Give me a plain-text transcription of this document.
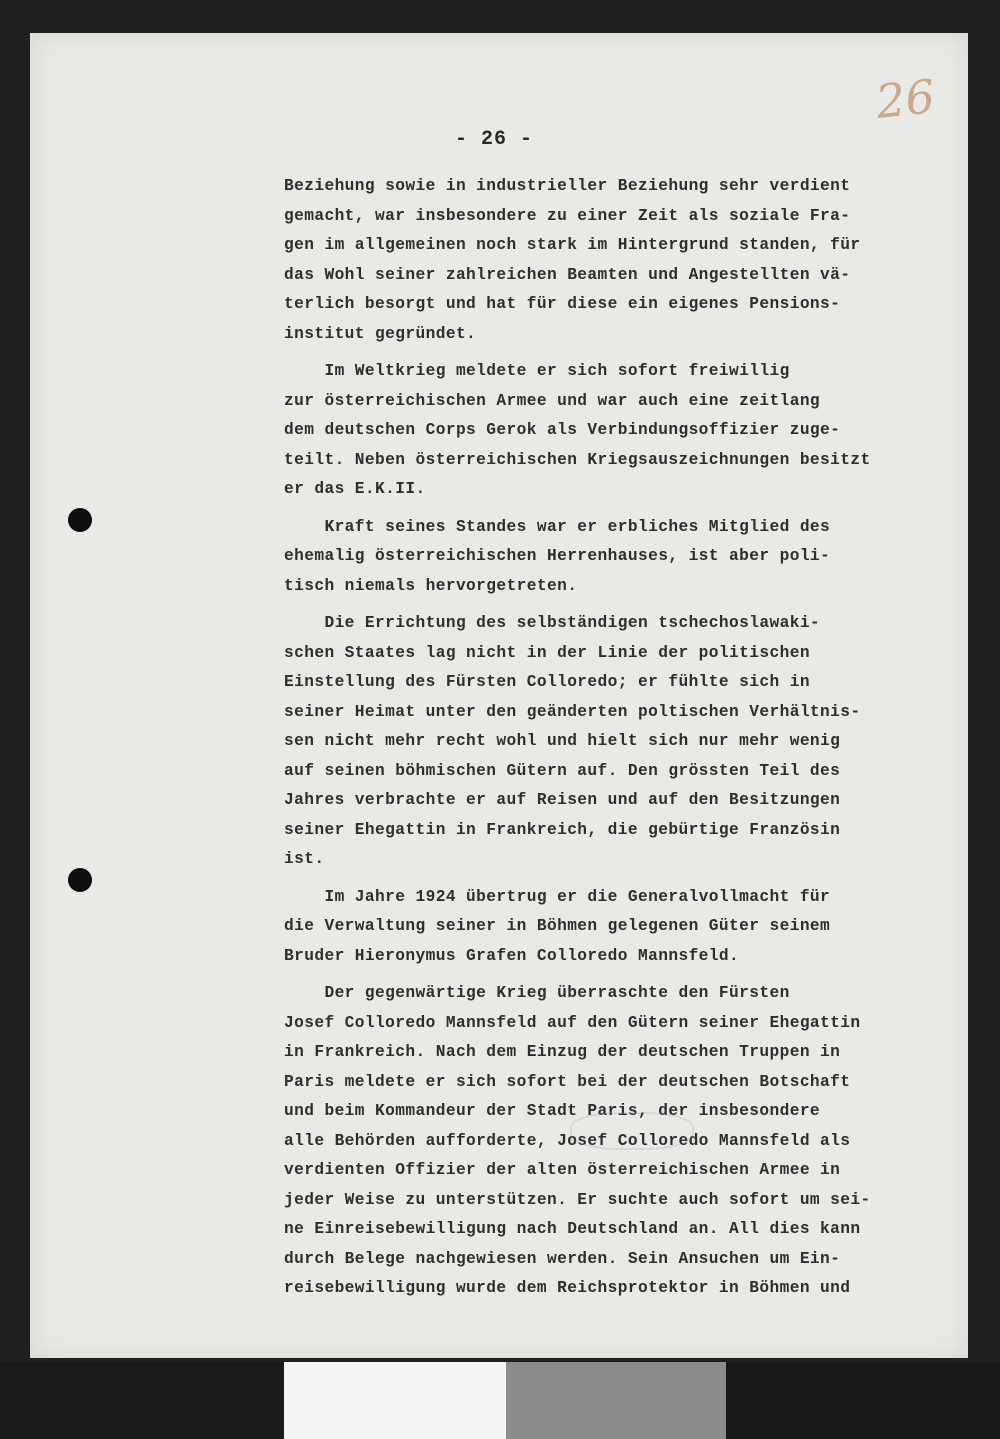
26
- 26 -
Beziehung sowie in industrieller Beziehung sehr verdient
gemacht, war insbesondere zu einer Zeit als soziale Fra-
gen im allgemeinen noch stark im Hintergrund standen, für
das Wohl seiner zahlreichen Beamten und Angestellten vä-
terlich besorgt und hat für diese ein eigenes Pensions-
institut gegründet.
Im Weltkrieg meldete er sich sofort freiwillig
zur österreichischen Armee und war auch eine zeitlang
dem deutschen Corps Gerok als Verbindungsoffizier zuge-
teilt. Neben österreichischen Kriegsauszeichnungen besitzt
er das E.K.II.
Kraft seines Standes war er erbliches Mitglied des
ehemalig österreichischen Herrenhauses, ist aber poli-
tisch niemals hervorgetreten.
Die Errichtung des selbständigen tschechoslawaki-
schen Staates lag nicht in der Linie der politischen
Einstellung des Fürsten Colloredo; er fühlte sich in
seiner Heimat unter den geänderten poltischen Verhältnis-
sen nicht mehr recht wohl und hielt sich nur mehr wenig
auf seinen böhmischen Gütern auf. Den grössten Teil des
Jahres verbrachte er auf Reisen und auf den Besitzungen
seiner Ehegattin in Frankreich, die gebürtige Französin
ist.
Im Jahre 1924 übertrug er die Generalvollmacht für
die Verwaltung seiner in Böhmen gelegenen Güter seinem
Bruder Hieronymus Grafen Colloredo Mannsfeld.
Der gegenwärtige Krieg überraschte den Fürsten
Josef Colloredo Mannsfeld auf den Gütern seiner Ehegattin
in Frankreich. Nach dem Einzug der deutschen Truppen in
Paris meldete er sich sofort bei der deutschen Botschaft
und beim Kommandeur der Stadt Paris, der insbesondere
alle Behörden aufforderte, Josef Colloredo Mannsfeld als
verdienten Offizier der alten österreichischen Armee in
jeder Weise zu unterstützen. Er suchte auch sofort um sei-
ne Einreisebewilligung nach Deutschland an. All dies kann
durch Belege nachgewiesen werden. Sein Ansuchen um Ein-
reisebewilligung wurde dem Reichsprotektor in Böhmen und
